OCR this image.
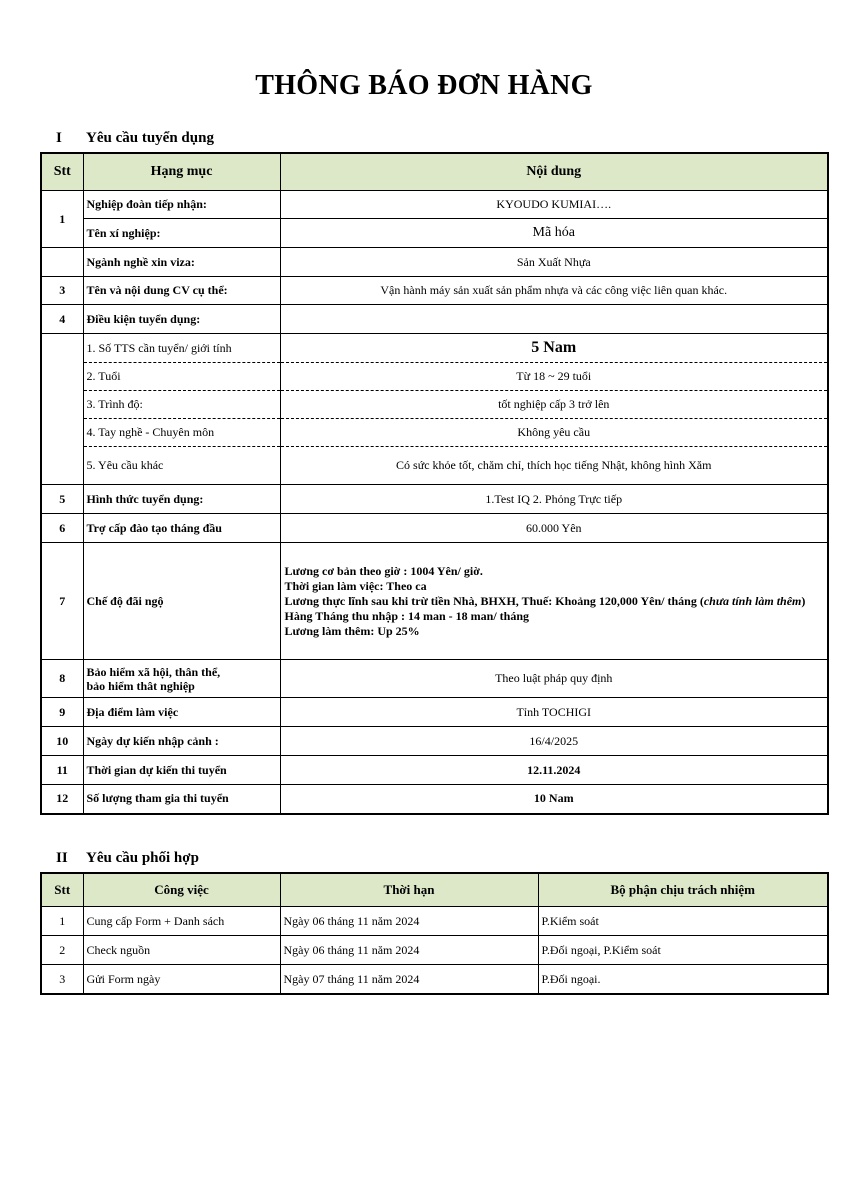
THÔNG BÁO ĐƠN HÀNG
I Yêu cầu tuyển dụng
Stt	Hạng mục	Nội dung
1	Nghiệp đoàn tiếp nhận:	KYOUDO KUMIAI….
	Tên xí nghiệp:	Mã hóa
	Ngành nghề xin viza:	Sản Xuất Nhựa
3	Tên và nội dung CV cụ thể:	Vận hành máy sản xuất sản phẩm nhựa và các công việc liên quan khác.
4	Điều kiện tuyển dụng:	
	1. Số TTS cần tuyển/ giới tính	5 Nam
	2. Tuổi	Từ 18 ~ 29 tuổi
	3. Trình độ:	tốt nghiệp cấp 3 trở lên
	4. Tay nghề - Chuyên môn	Không yêu cầu
	5. Yêu cầu khác	Có sức khỏe tốt, chăm chỉ, thích học tiếng Nhật, không hình Xăm
5	Hình thức tuyển dụng:	1.Test IQ 2. Phỏng Trực tiếp
6	Trợ cấp đào tạo tháng đầu	60.000 Yên
7	Chế độ đãi ngộ	Lương cơ bản theo giờ : 1004 Yên/ giờ.
Thời gian làm việc: Theo ca
Lương thực lĩnh sau khi trừ tiền Nhà, BHXH, Thuế: Khoảng 120,000 Yên/ tháng (chưa tính làm thêm)
Hàng Tháng thu nhập : 14 man - 18 man/ tháng
Lương làm thêm: Up 25%

8	Bảo hiểm xã hội, thân thể,
bảo hiểm thât nghiệp	Theo luật pháp quy định
9	Địa điểm làm việc	Tỉnh TOCHIGI
10	Ngày dự kiến nhập cảnh :	16/4/2025
11	Thời gian dự kiến thi tuyển	12.11.2024
12	Số lượng tham gia thi tuyển	10 Nam
II Yêu cầu phối hợp
Stt	Công việc	Thời hạn	Bộ phận chịu trách nhiệm
1	Cung cấp Form + Danh sách	Ngày 06 tháng 11 năm 2024	P.Kiểm soát
2	Check nguồn	Ngày 06 tháng 11 năm 2024	P.Đối ngoại, P.Kiểm soát
3	Gửi Form ngày	Ngày 07 tháng 11 năm 2024	P.Đối ngoại.
